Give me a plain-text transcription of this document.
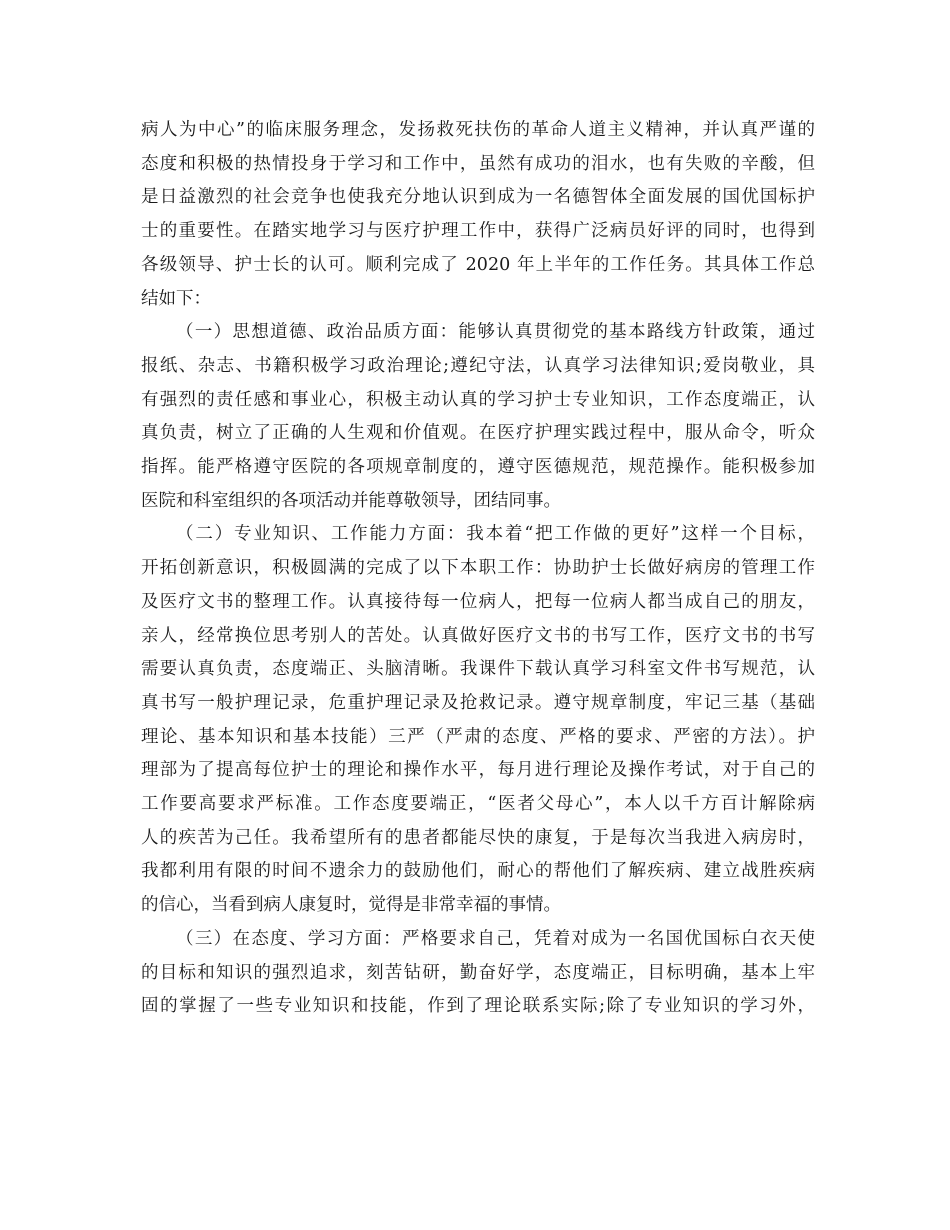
病人为中心”的临床服务理念，发扬救死扶伤的革命人道主义精神，并认真严谨的
态度和积极的热情投身于学习和工作中，虽然有成功的泪水，也有失败的辛酸，但
是日益激烈的社会竞争也使我充分地认识到成为一名德智体全面发展的国优国标护
士的重要性。在踏实地学习与医疗护理工作中，获得广泛病员好评的同时，也得到
各级领导、护士长的认可。顺利完成了 2020 年上半年的工作任务。其具体工作总
结如下：
（一）思想道德、政治品质方面：能够认真贯彻党的基本路线方针政策，通过
报纸、杂志、书籍积极学习政治理论;遵纪守法，认真学习法律知识;爱岗敬业，具
有强烈的责任感和事业心，积极主动认真的学习护士专业知识，工作态度端正，认
真负责，树立了正确的人生观和价值观。在医疗护理实践过程中，服从命令，听众
指挥。能严格遵守医院的各项规章制度的，遵守医德规范，规范操作。能积极参加
医院和科室组织的各项活动并能尊敬领导，团结同事。
（二）专业知识、工作能力方面：我本着“把工作做的更好”这样一个目标，
开拓创新意识，积极圆满的完成了以下本职工作：协助护士长做好病房的管理工作
及医疗文书的整理工作。认真接待每一位病人，把每一位病人都当成自己的朋友，
亲人，经常换位思考别人的苦处。认真做好医疗文书的书写工作，医疗文书的书写
需要认真负责，态度端正、头脑清晰。我课件下载认真学习科室文件书写规范，认
真书写一般护理记录，危重护理记录及抢救记录。遵守规章制度，牢记三基（基础
理论、基本知识和基本技能）三严（严肃的态度、严格的要求、严密的方法）。护
理部为了提高每位护士的理论和操作水平，每月进行理论及操作考试，对于自己的
工作要高要求严标准。工作态度要端正，“医者父母心”，本人以千方百计解除病
人的疾苦为己任。我希望所有的患者都能尽快的康复，于是每次当我进入病房时，
我都利用有限的时间不遗余力的鼓励他们，耐心的帮他们了解疾病、建立战胜疾病
的信心，当看到病人康复时，觉得是非常幸福的事情。
（三）在态度、学习方面：严格要求自己，凭着对成为一名国优国标白衣天使
的目标和知识的强烈追求，刻苦钻研，勤奋好学，态度端正，目标明确，基本上牢
固的掌握了一些专业知识和技能，作到了理论联系实际;除了专业知识的学习外，
